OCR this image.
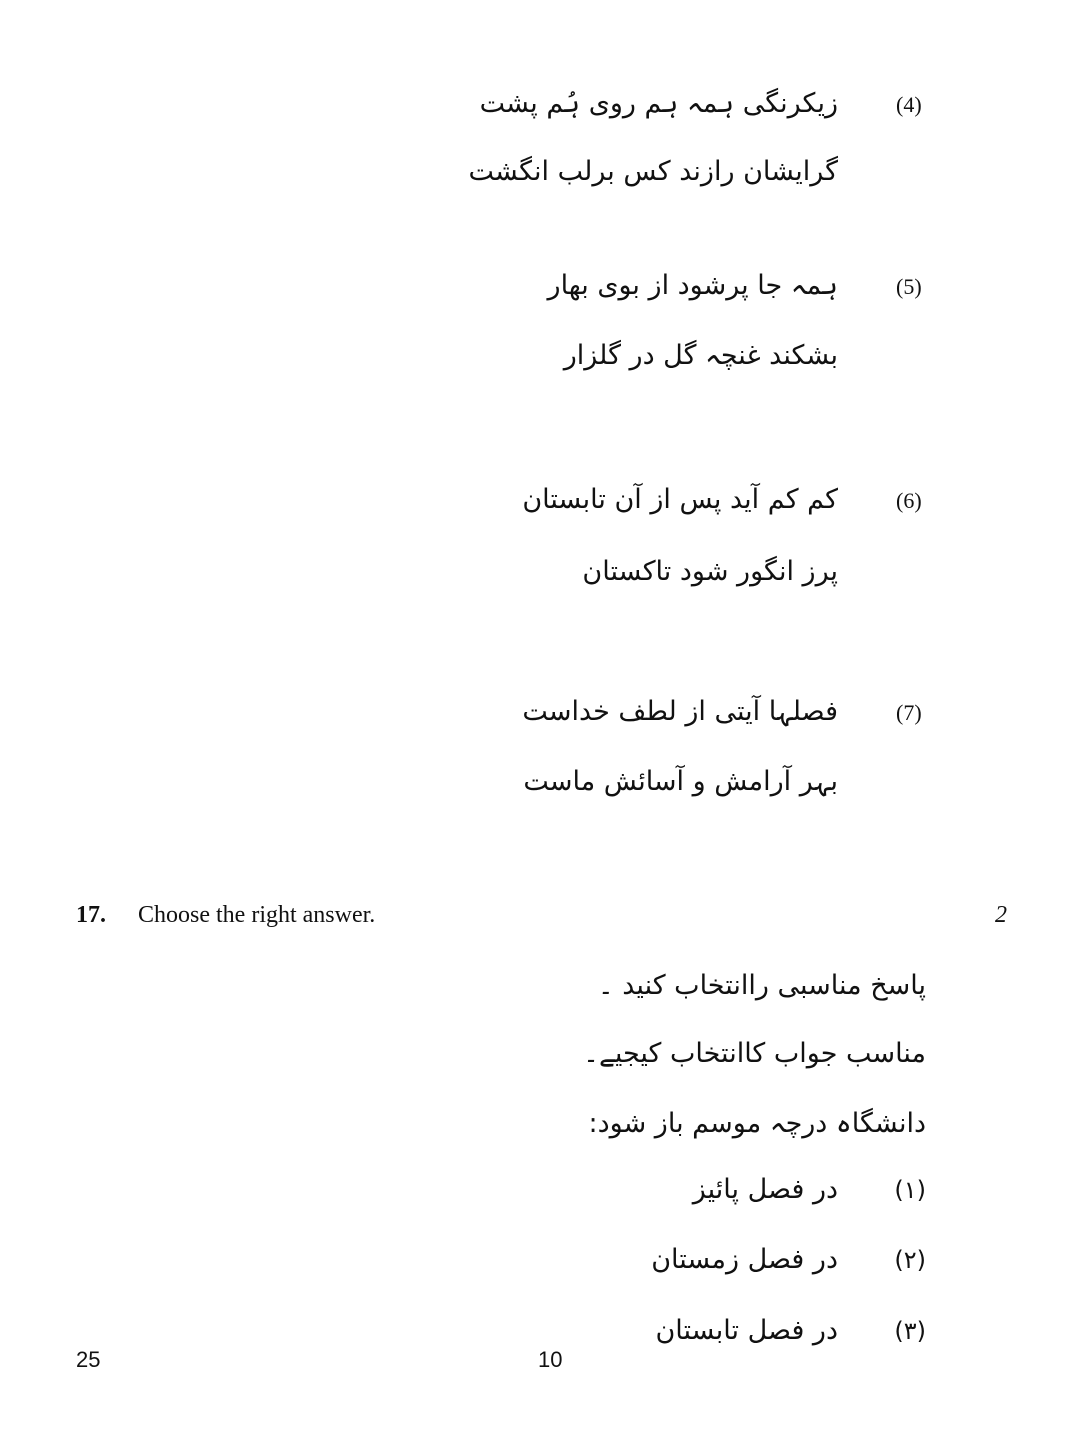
(4)
زیکرنگی ہمہ ہم روی ہُم پشت
گرایشان رازند کس برلب انگشت
(5)
ہمہ جا پرشود از بوی بھار
بشکند غنچہ گل در گلزار
(6)
کم کم آید پس از آن تابستان
پرز انگور شود تاکستان
(7)
فصلہا آیتی از لطف خداست
بہر آرامش و آسائش ماست
17. Choose the right answer.	2
پاسخ مناسبی راانتخاب کنید ۔
مناسب جواب کاانتخاب کیجیے۔
دانشگاہ درچہ موسم باز شود:
(۱)
در فصل پائیز
(۲)
در فصل زمستان
(۳)
در فصل تابستان
25	10
